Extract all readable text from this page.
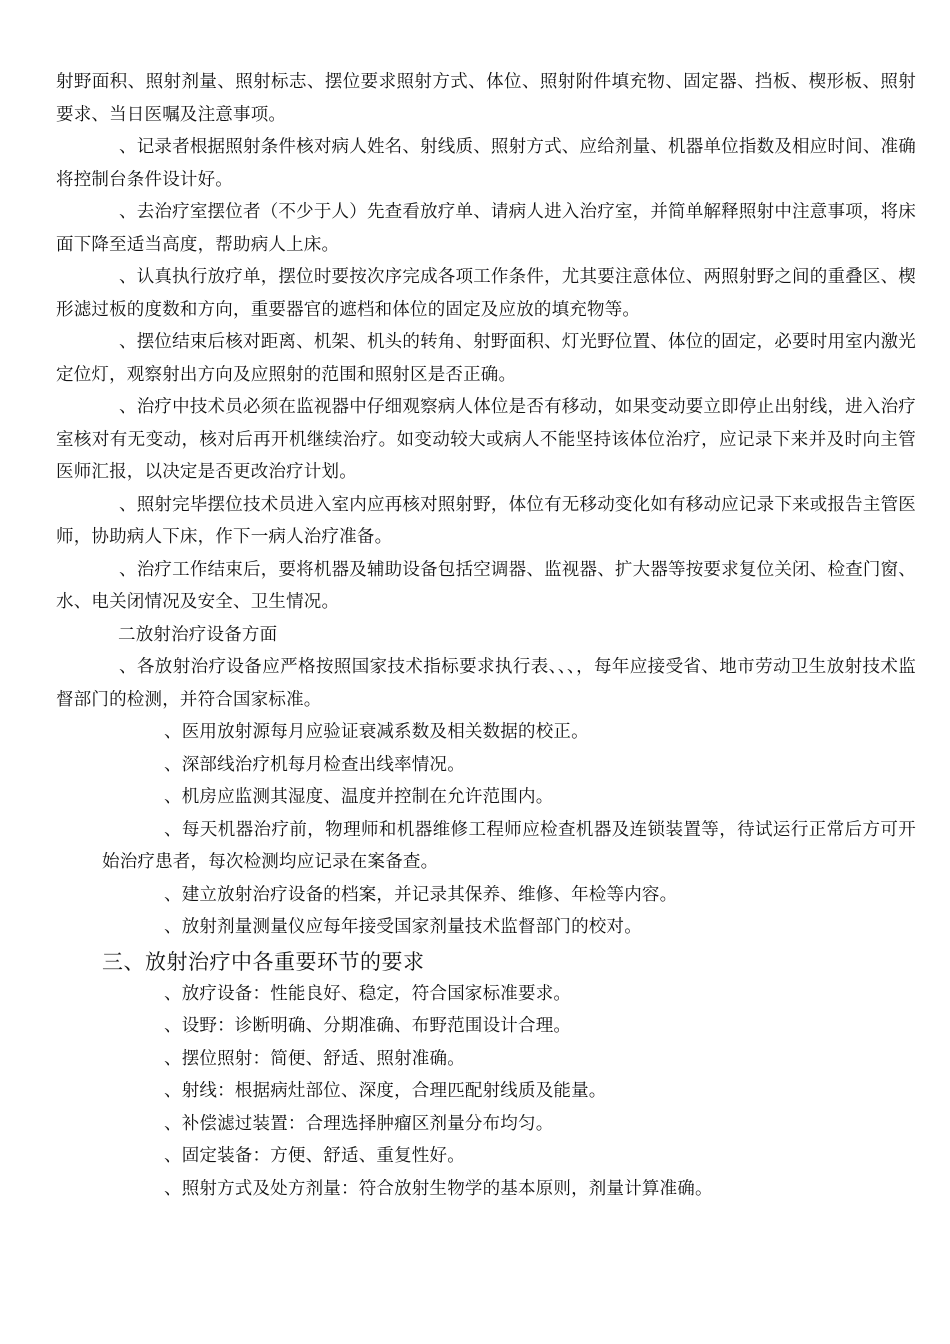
射野面积、照射剂量、照射标志、摆位要求照射方式、体位、照射附件填充物、固定器、挡板、楔形板、照射要求、当日医嘱及注意事项。

、记录者根据照射条件核对病人姓名、射线质、照射方式、应给剂量、机器单位指数及相应时间、准确将控制台条件设计好。

、去治疗室摆位者（不少于人）先查看放疗单、请病人进入治疗室，并简单解释照射中注意事项，将床面下降至适当高度，帮助病人上床。

、认真执行放疗单，摆位时要按次序完成各项工作条件，尤其要注意体位、两照射野之间的重叠区、楔形滤过板的度数和方向，重要器官的遮档和体位的固定及应放的填充物等。

、摆位结束后核对距离、机架、机头的转角、射野面积、灯光野位置、体位的固定，必要时用室内激光定位灯，观察射出方向及应照射的范围和照射区是否正确。

、治疗中技术员必须在监视器中仔细观察病人体位是否有移动，如果变动要立即停止出射线，进入治疗室核对有无变动，核对后再开机继续治疗。如变动较大或病人不能坚持该体位治疗，应记录下来并及时向主管医师汇报，以决定是否更改治疗计划。

、照射完毕摆位技术员进入室内应再核对照射野，体位有无移动变化如有移动应记录下来或报告主管医师，协助病人下床，作下一病人治疗准备。

、治疗工作结束后，要将机器及辅助设备包括空调器、监视器、扩大器等按要求复位关闭、检查门窗、水、电关闭情况及安全、卫生情况。

二放射治疗设备方面

、各放射治疗设备应严格按照国家技术指标要求执行表、、、，每年应接受省、地市劳动卫生放射技术监督部门的检测，并符合国家标准。

、医用放射源每月应验证衰减系数及相关数据的校正。

、深部线治疗机每月检查出线率情况。

、机房应监测其湿度、温度并控制在允许范围内。

、每天机器治疗前，物理师和机器维修工程师应检查机器及连锁装置等，待试运行正常后方可开始治疗患者，每次检测均应记录在案备查。

、建立放射治疗设备的档案，并记录其保养、维修、年检等内容。

、放射剂量测量仪应每年接受国家剂量技术监督部门的校对。

三、放射治疗中各重要环节的要求

、放疗设备：性能良好、稳定，符合国家标准要求。

、设野：诊断明确、分期准确、布野范围设计合理。

、摆位照射：简便、舒适、照射准确。

、射线：根据病灶部位、深度，合理匹配射线质及能量。

、补偿滤过装置：合理选择肿瘤区剂量分布均匀。

、固定装备：方便、舒适、重复性好。

、照射方式及处方剂量：符合放射生物学的基本原则，剂量计算准确。
